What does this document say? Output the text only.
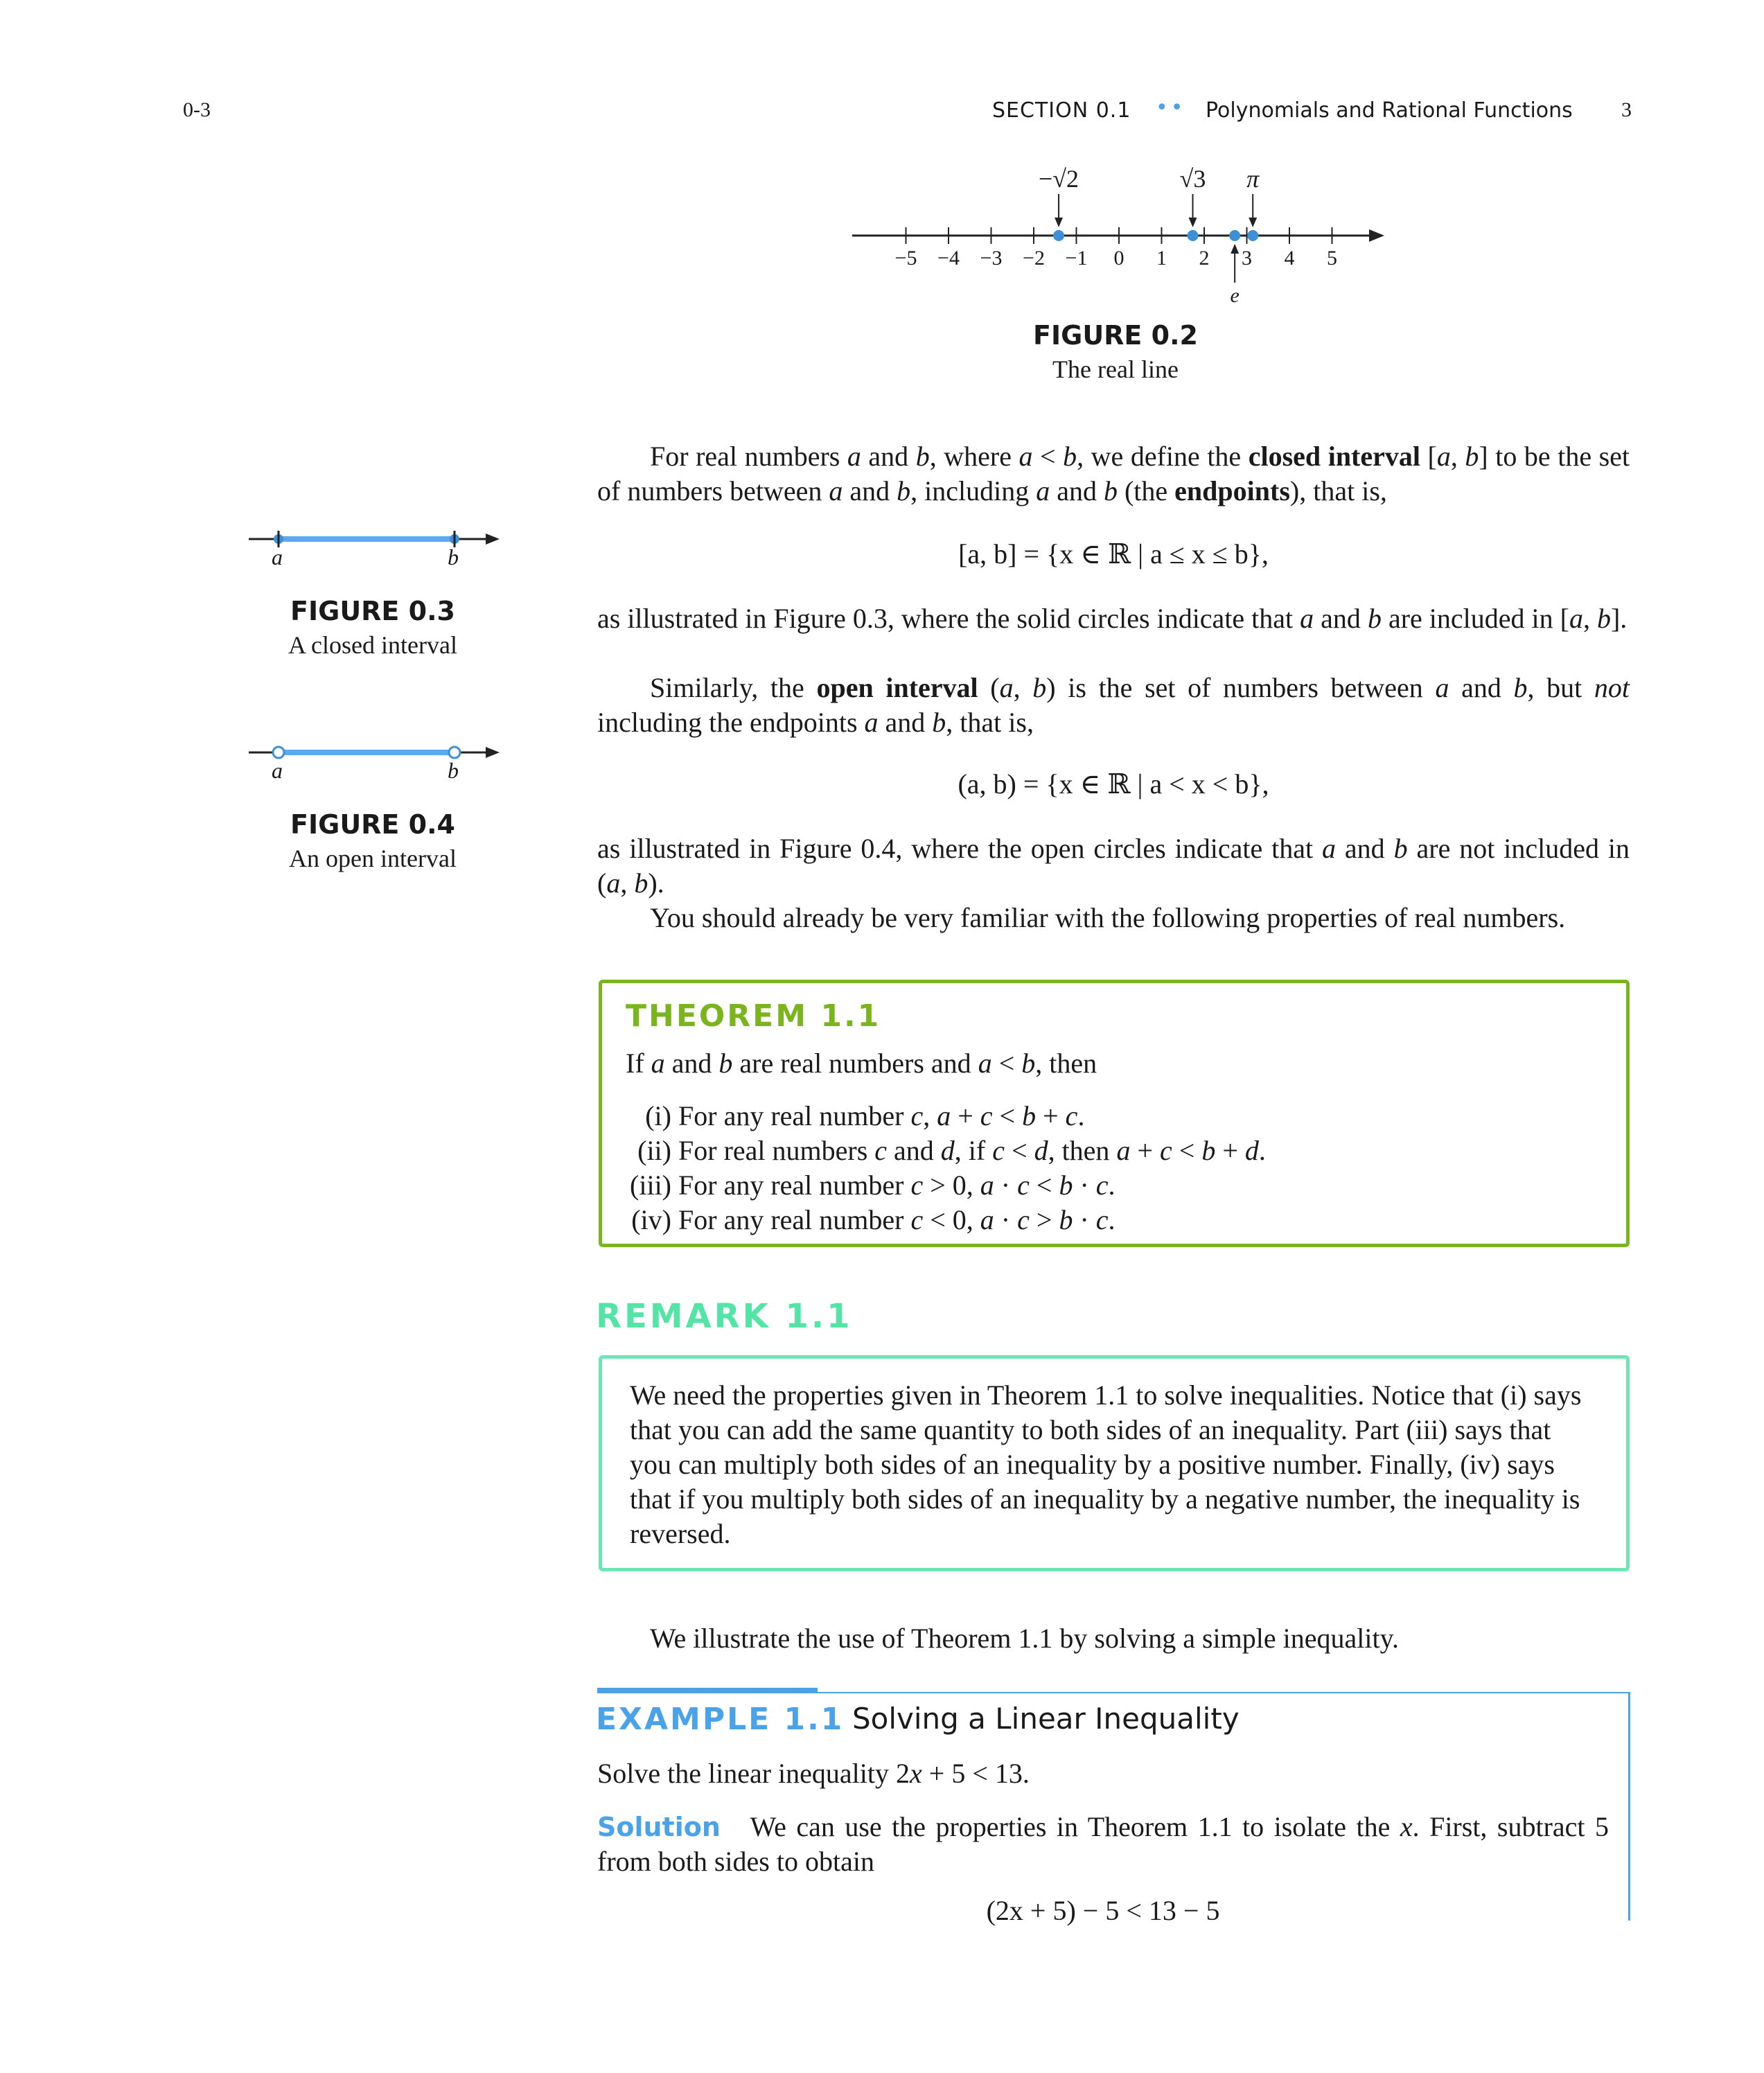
0-3	SECTION 0.1 •• Polynomials and Rational Functions 3
−5 −4 −3 −2 −1 0 1 2 3 4 5
−√2	√3 π
e
FIGURE 0.2
The real line
a	b
FIGURE 0.3
A closed interval
a	b
FIGURE 0.4
An open interval
For real numbers a and b, where a < b, we define the closed interval [a, b] to be the set of numbers between a and b, including a and b (the endpoints), that is,
[a, b] = {x ∈ ℝ | a ≤ x ≤ b},
as illustrated in Figure 0.3, where the solid circles indicate that a and b are included in [a, b].
Similarly, the open interval (a, b) is the set of numbers between a and b, but not including the endpoints a and b, that is,
(a, b) = {x ∈ ℝ | a < x < b},
as illustrated in Figure 0.4, where the open circles indicate that a and b are not included in (a, b).
You should already be very familiar with the following properties of real numbers.
THEOREM 1.1
If a and b are real numbers and a < b, then
(i) For any real number c, a + c < b + c.
(ii) For real numbers c and d, if c < d, then a + c < b + d.
(iii) For any real number c > 0, a · c < b · c.
(iv) For any real number c < 0, a · c > b · c.
REMARK 1.1
We need the properties given in Theorem 1.1 to solve inequalities. Notice that (i) says that you can add the same quantity to both sides of an inequality. Part (iii) says that you can multiply both sides of an inequality by a positive number. Finally, (iv) says that if you multiply both sides of an inequality by a negative number, the inequality is reversed.
We illustrate the use of Theorem 1.1 by solving a simple inequality.
EXAMPLE 1.1 Solving a Linear Inequality
Solve the linear inequality 2x + 5 < 13.
Solution   We can use the properties in Theorem 1.1 to isolate the x. First, subtract 5 from both sides to obtain
(2x + 5) − 5 < 13 − 5
